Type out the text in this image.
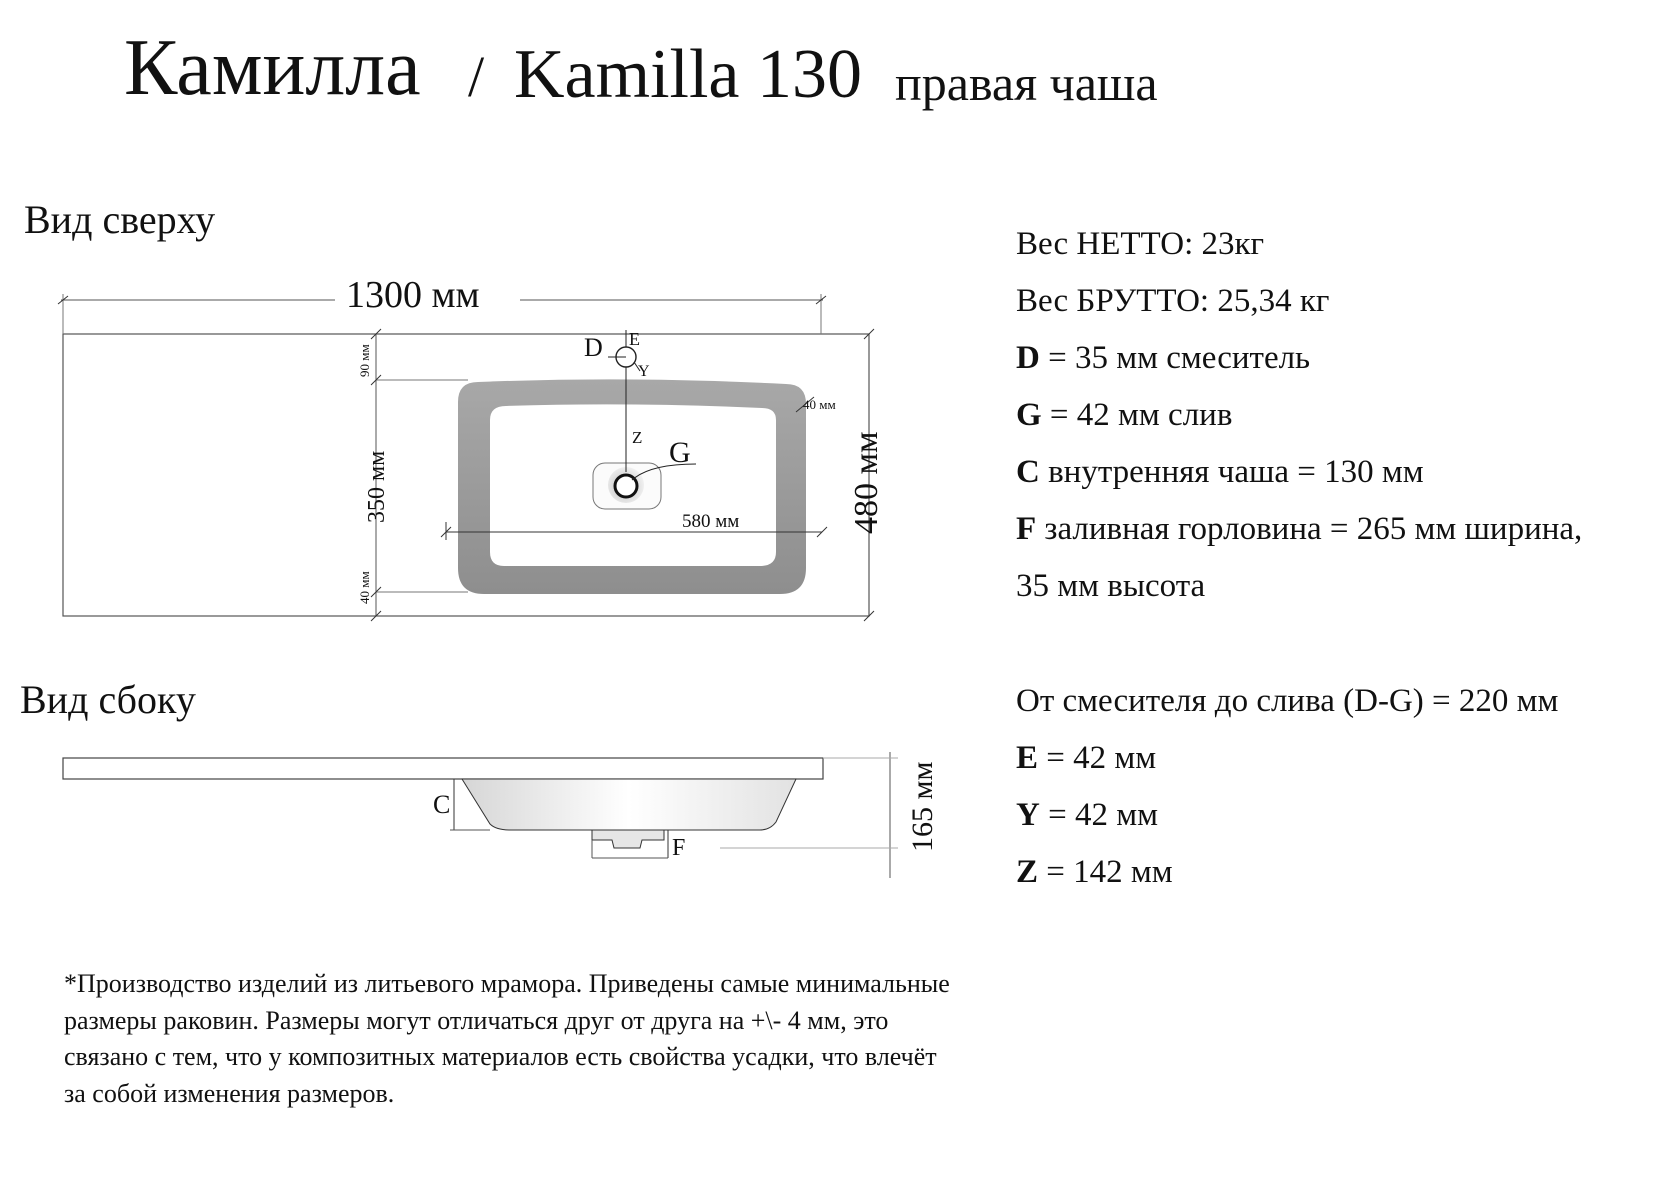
Камилла / Kamilla 130 правая чаша
Вид сверху
Вид сбоку
1300 мм
480 мм
350 мм
90 мм
40 мм
40 мм
580 мм
D E
Y
Z G
165 мм
C
F
Вес НЕТТО: 23кг
Вес БРУТТО: 25,34 кг
D = 35 мм смеситель
G = 42 мм слив
C внутренняя чаша = 130 мм
F заливная горловина = 265 мм ширина,
35 мм высота
От смесителя до слива (D-G) = 220 мм
E = 42 мм
Y = 42 мм
Z = 142 мм
*Производство изделий из литьевого мрамора. Приведены самые минимальные размеры раковин. Размеры могут отличаться друг от друга на +\- 4 мм, это связано с тем, что у композитных материалов есть свойства усадки, что влечёт за собой изменения размеров.
